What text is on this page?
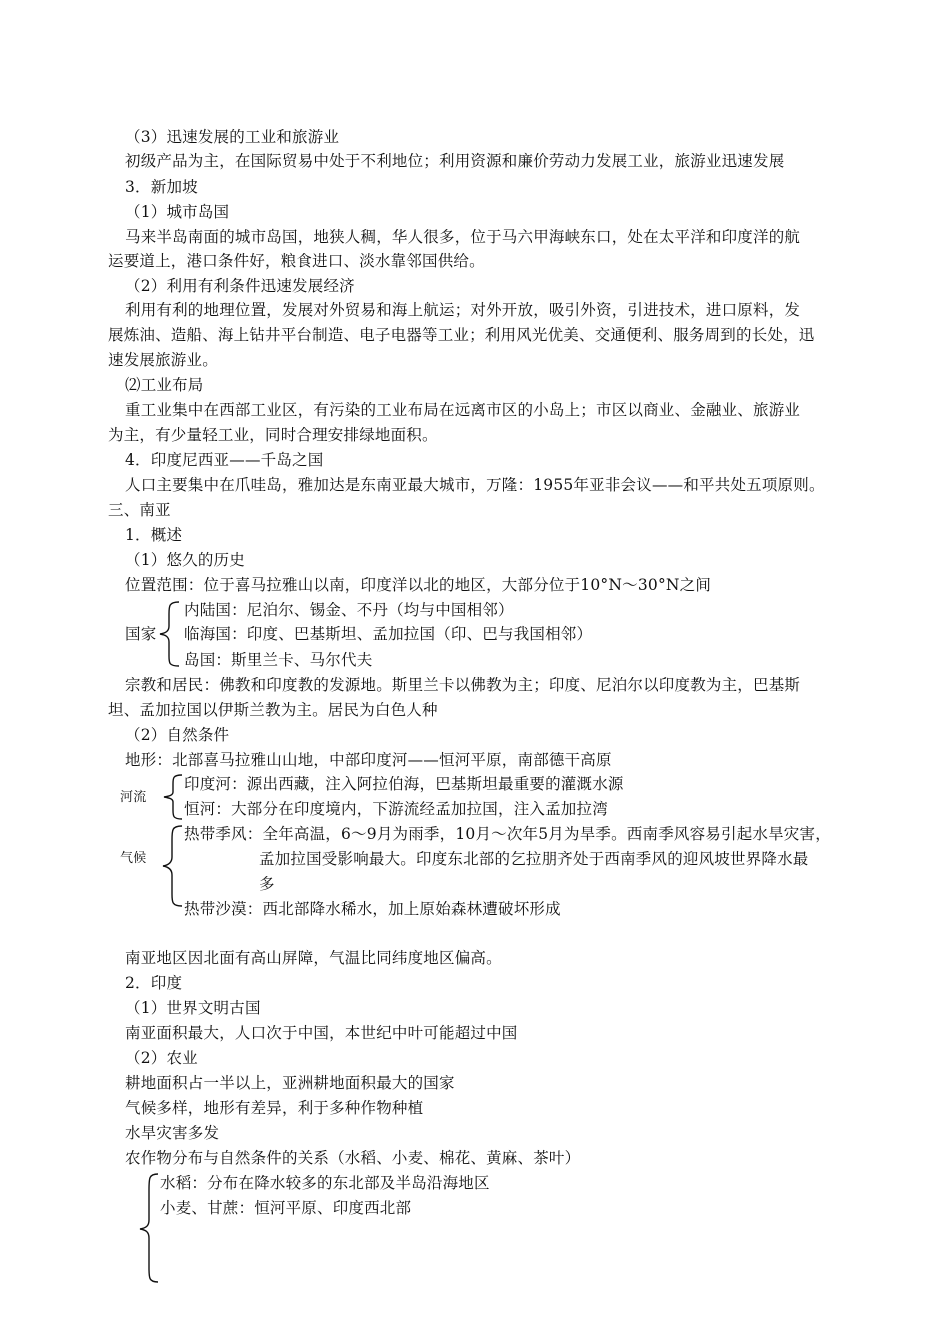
（3）迅速发展的工业和旅游业
初级产品为主，在国际贸易中处于不利地位；利用资源和廉价劳动力发展工业，旅游业迅速发展
3．新加坡
（1）城市岛国
马来半岛南面的城市岛国，地狭人稠，华人很多，位于马六甲海峡东口，处在太平洋和印度洋的航
运要道上，港口条件好，粮食进口、淡水靠邻国供给。
（2）利用有利条件迅速发展经济
利用有利的地理位置，发展对外贸易和海上航运；对外开放，吸引外资，引进技术，进口原料，发
展炼油、造船、海上钻井平台制造、电子电器等工业；利用风光优美、交通便利、服务周到的长处，迅
速发展旅游业。
⑵工业布局
重工业集中在西部工业区，有污染的工业布局在远离市区的小岛上；市区以商业、金融业、旅游业
为主，有少量轻工业，同时合理安排绿地面积。
4．印度尼西亚——千岛之国
人口主要集中在爪哇岛，雅加达是东南亚最大城市，万隆：1955年亚非会议——和平共处五项原则。
三、南亚
1．概述
（1）悠久的历史
位置范围：位于喜马拉雅山以南，印度洋以北的地区，大部分位于10°N～30°N之间
国家
内陆国：尼泊尔、锡金、不丹（均与中国相邻）
临海国：印度、巴基斯坦、孟加拉国（印、巴与我国相邻）
岛国：斯里兰卡、马尔代夫
宗教和居民：佛教和印度教的发源地。斯里兰卡以佛教为主；印度、尼泊尔以印度教为主，巴基斯
坦、孟加拉国以伊斯兰教为主。居民为白色人种
（2）自然条件
地形：北部喜马拉雅山山地，中部印度河——恒河平原，南部德干高原
河流
印度河：源出西藏，注入阿拉伯海，巴基斯坦最重要的灌溉水源
恒河：大部分在印度境内，下游流经孟加拉国，注入孟加拉湾
气候
热带季风：全年高温，6～9月为雨季，10月～次年5月为旱季。西南季风容易引起水旱灾害，
孟加拉国受影响最大。印度东北部的乞拉朋齐处于西南季风的迎风坡世界降水最
多
热带沙漠：西北部降水稀水，加上原始森林遭破坏形成
南亚地区因北面有高山屏障，气温比同纬度地区偏高。
2．印度
（1）世界文明古国
南亚面积最大，人口次于中国，本世纪中叶可能超过中国
（2）农业
耕地面积占一半以上，亚洲耕地面积最大的国家
气候多样，地形有差异，利于多种作物种植
水旱灾害多发
农作物分布与自然条件的关系（水稻、小麦、棉花、黄麻、茶叶）
水稻：分布在降水较多的东北部及半岛沿海地区
小麦、甘蔗：恒河平原、印度西北部
